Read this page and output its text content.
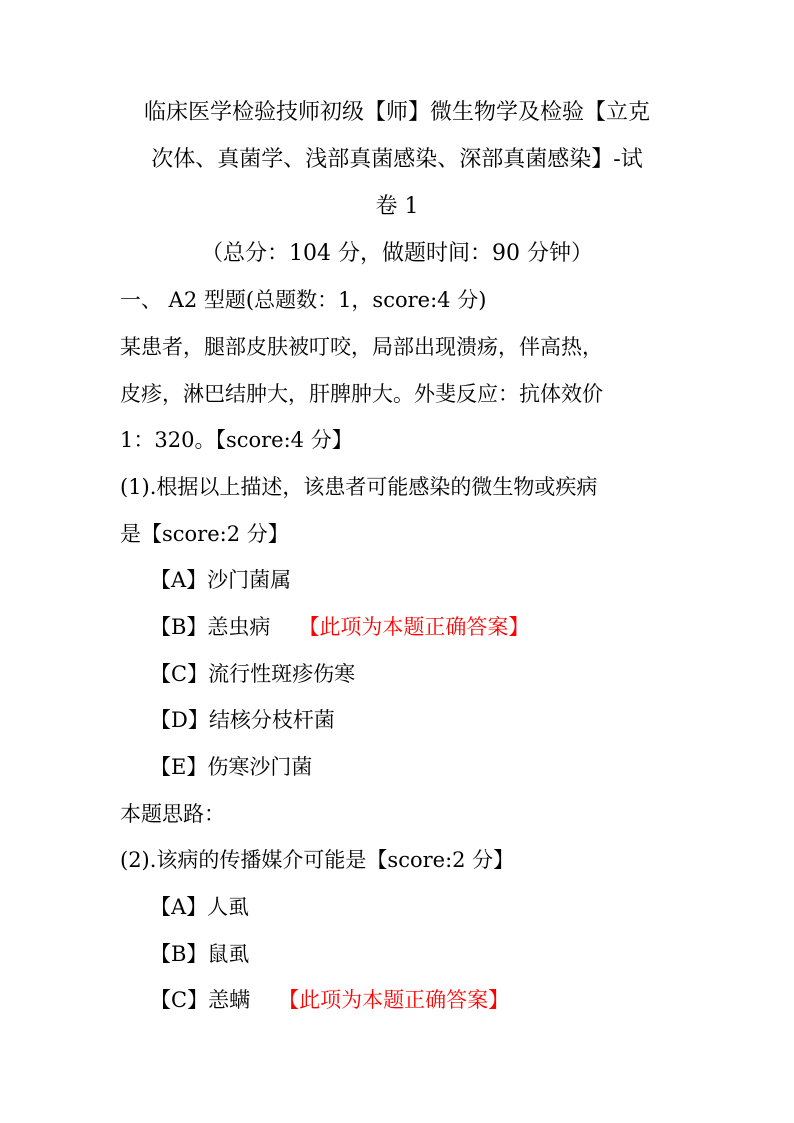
临床医学检验技师初级【师】微生物学及检验【立克
次体、真菌学、浅部真菌感染、深部真菌感染】-试
卷 1
（总分：104 分，做题时间：90 分钟）
一、 A2 型题(总题数：1，score:4 分)
某患者，腿部皮肤被叮咬，局部出现溃疡，伴高热，
皮疹，淋巴结肿大，肝脾肿大。外斐反应：抗体效价
1：320。【score:4 分】
(1).根据以上描述，该患者可能感染的微生物或疾病
是【score:2 分】
【A】沙门菌属
【B】恙虫病 【此项为本题正确答案】
【C】流行性斑疹伤寒
【D】结核分枝杆菌
【E】伤寒沙门菌
本题思路：
(2).该病的传播媒介可能是【score:2 分】
【A】人虱
【B】鼠虱
【C】恙螨 【此项为本题正确答案】
